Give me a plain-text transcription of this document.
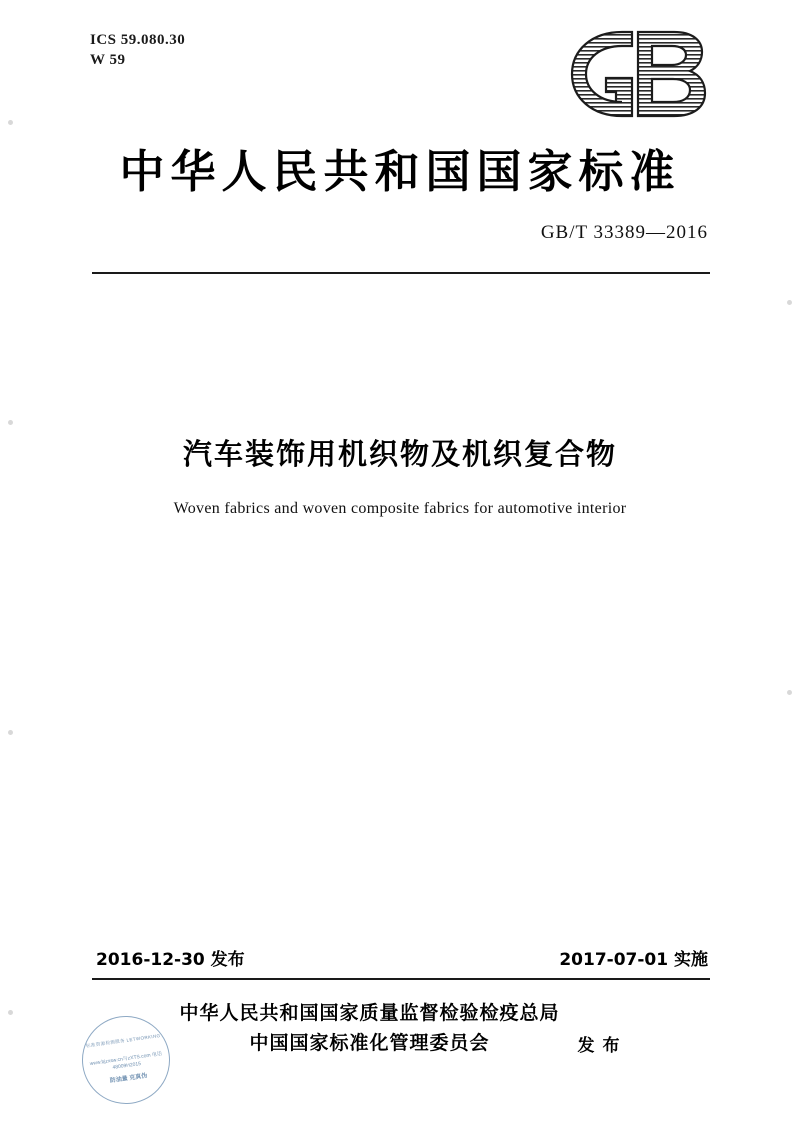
ICS 59.080.30
W 59
中华人民共和国国家标准
GB/T 33389—2016
汽车装饰用机织物及机织复合物
Woven fabrics and woven composite fabrics for automotive interior
2016-12-30 发布	2017-07-01 实施
中华人民共和国国家质量监督检验检疫总局
中国国家标准化管理委员会	发 布
标准资源检测服务 LETWORKING
www.bjzxsw.cn与zXTS.com 电话48009H2015
防油量 克真伪
